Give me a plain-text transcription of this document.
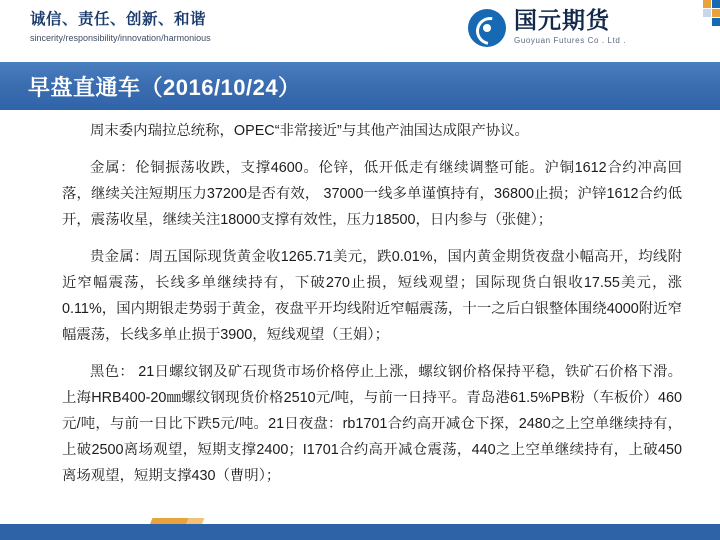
诚信、责任、创新、和谐
sincerity/responsibility/innovation/harmonious
国元期货
Guoyuan Futures Co . Ltd .
早盘直通车（2016/10/24）

周末委内瑞拉总统称，OPEC“非常接近”与其他产油国达成限产协议。

金属：伦铜振荡收跌，支撑4600。伦锌，低开低走有继续调整可能。沪铜1612合约冲高回落，继续关注短期压力37200是否有效， 37000一线多单谨慎持有，36800止损；沪锌1612合约低开，震荡收星，继续关注18000支撑有效性，压力18500，日内参与（张健）；

贵金属：周五国际现货黄金收1265.71美元，跌0.01%，国内黄金期货夜盘小幅高开，均线附近窄幅震荡，长线多单继续持有，下破270止损，短线观望；国际现货白银收17.55美元，涨0.11%，国内期银走势弱于黄金，夜盘平开均线附近窄幅震荡，十一之后白银整体围绕4000附近窄幅震荡，长线多单止损于3900，短线观望（王娟）；

黑色： 21日螺纹钢及矿石现货市场价格停止上涨，螺纹钢价格保持平稳，铁矿石价格下滑。上海HRB400-20㎜螺纹钢现货价格2510元/吨，与前一日持平。青岛港61.5%PB粉（车板价）460元/吨，与前一日比下跌5元/吨。21日夜盘：rb1701合约高开减仓下探，2480之上空单继续持有，上破2500离场观望，短期支撑2400；I1701合约高开减仓震荡，440之上空单继续持有，上破450离场观望，短期支撑430（曹明）；
